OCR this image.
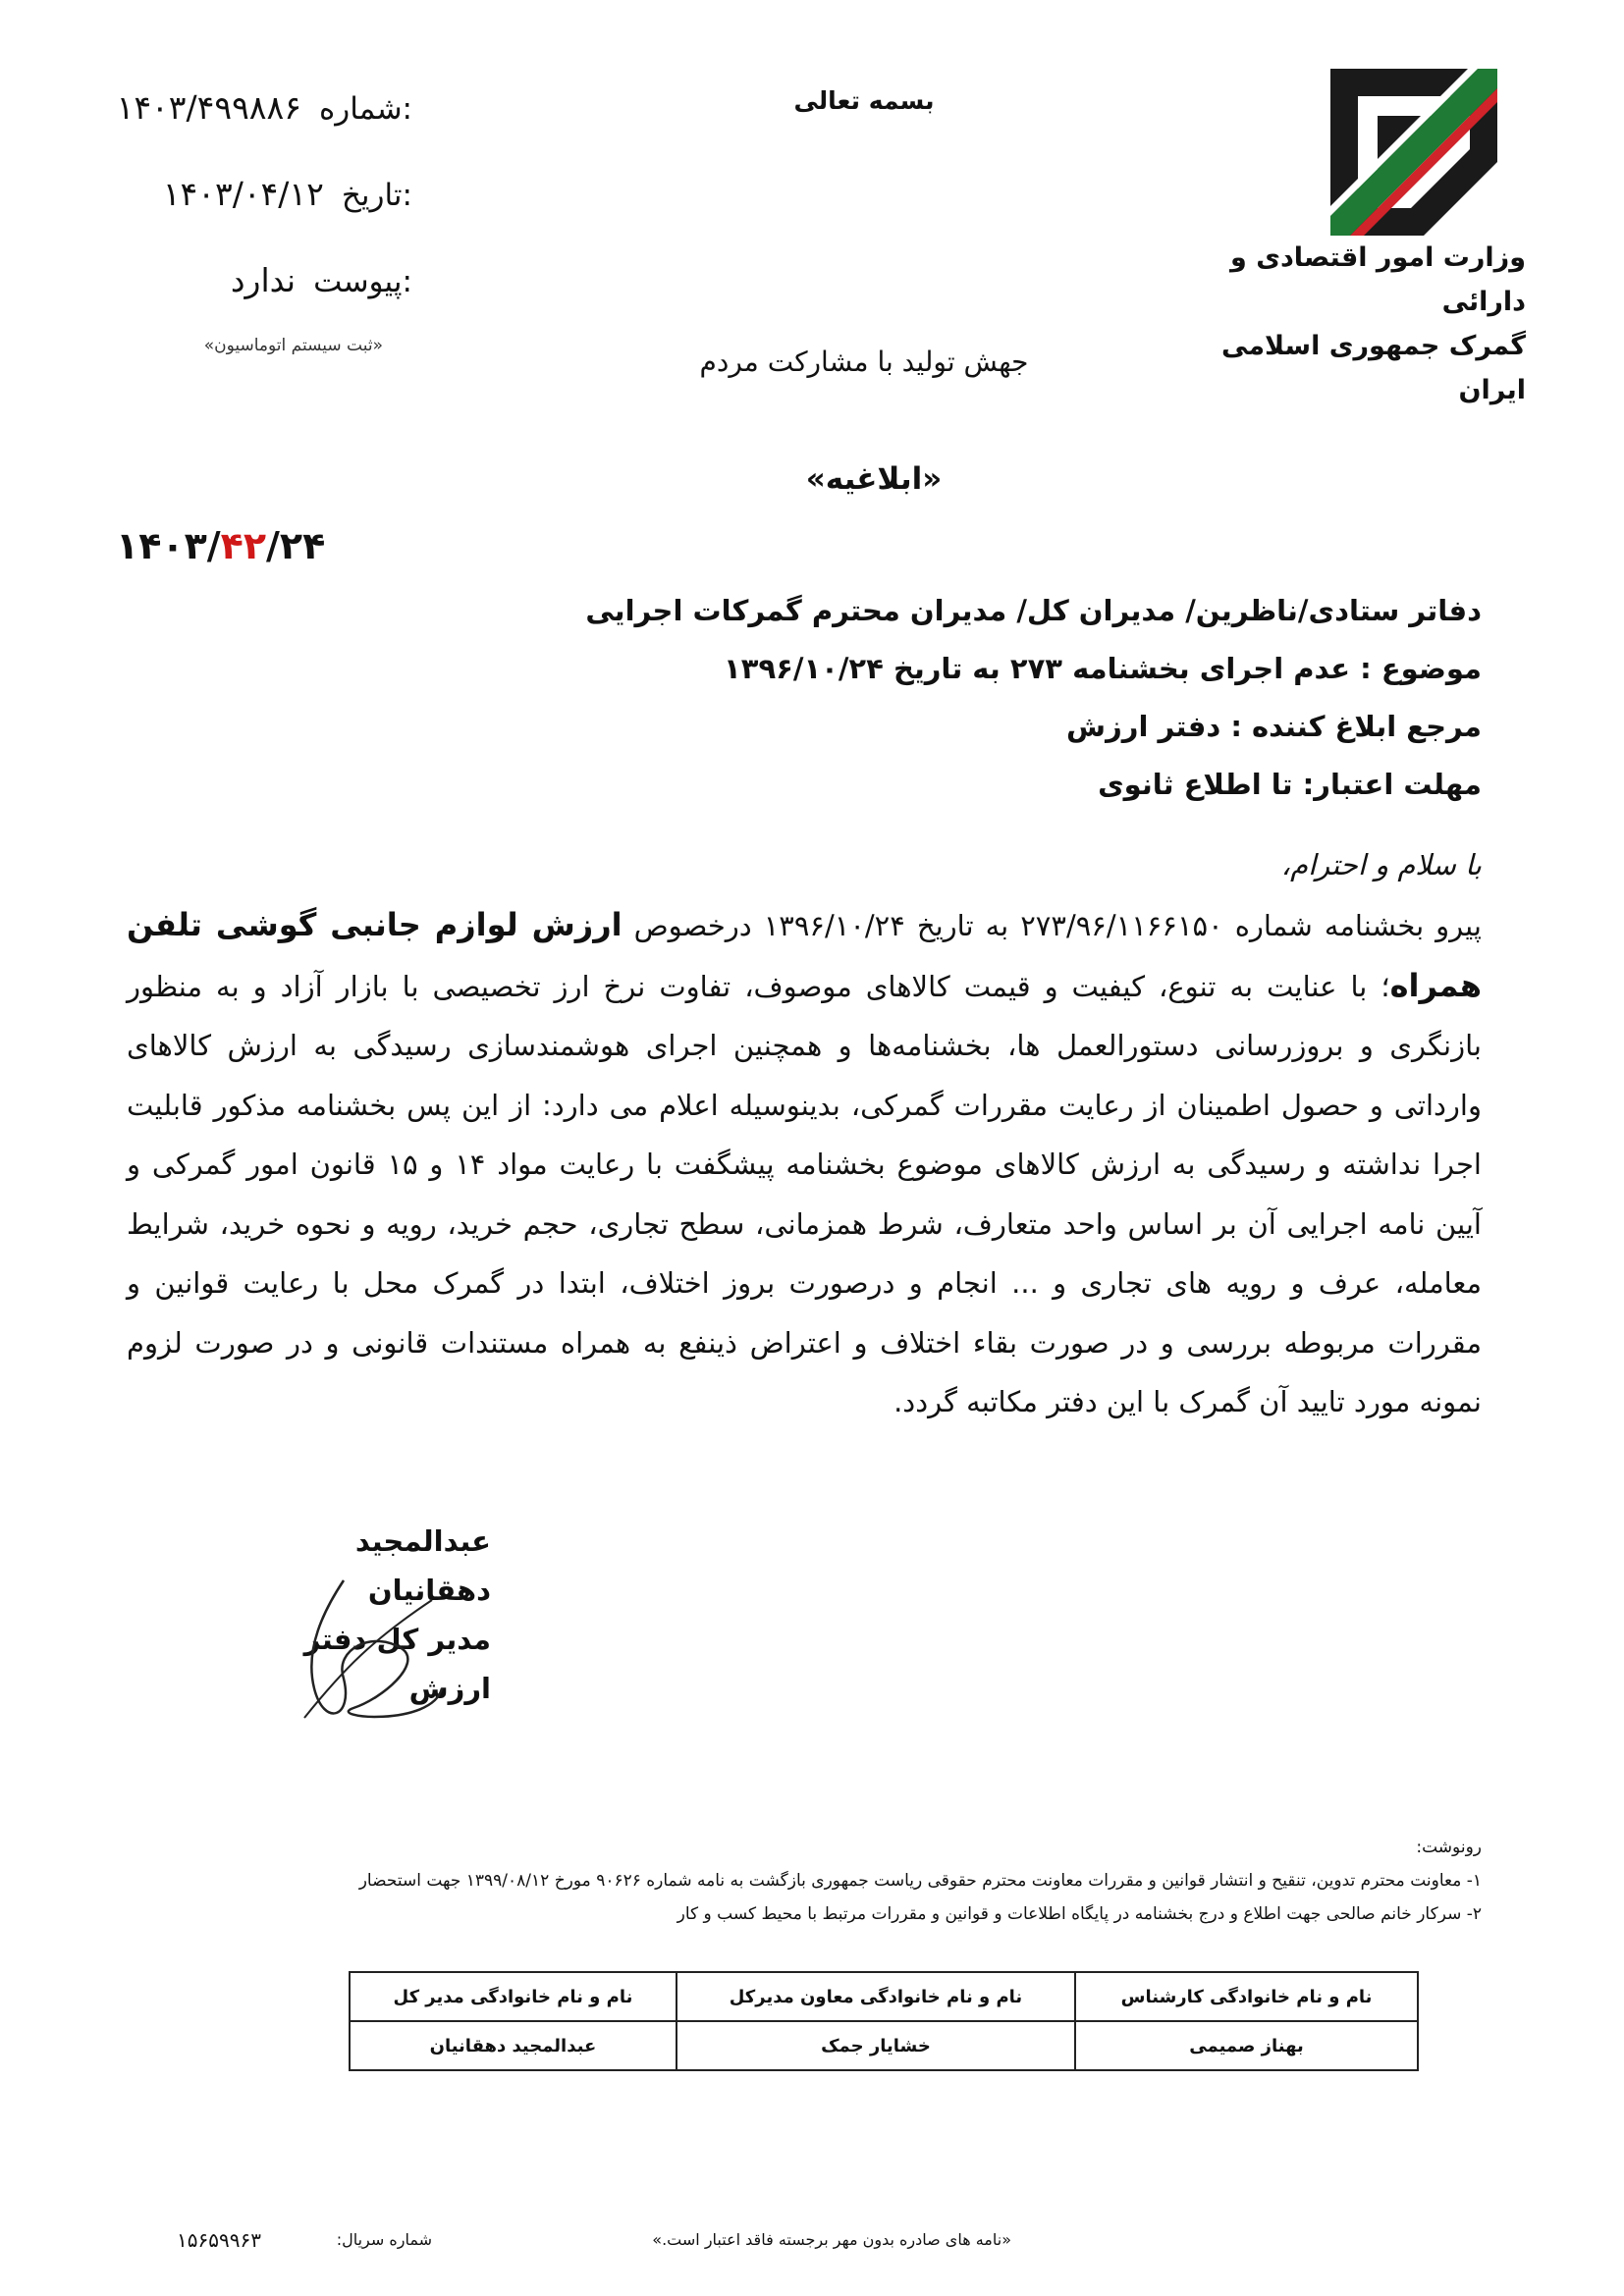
وزارت امور اقتصادی و دارائی
گمرک جمهوری اسلامی ایران
بسمه تعالی
۱۴۰۳/۴۹۹۸۸۶ شماره:
۱۴۰۳/۰۴/۱۲ تاریخ:
ندارد پیوست:
«ثبت سیستم اتوماسیون»	جهش تولید با مشارکت مردم
«ابلاغیه»
۱۴۰۳/۴۲/۲۴
دفاتر ستادی/ناظرین/ مدیران کل/ مدیران محترم گمرکات اجرایی
موضوع : عدم اجرای بخشنامه ۲۷۳ به تاریخ ۱۳۹۶/۱۰/۲۴
مرجع ابلاغ کننده : دفتر ارزش
مهلت اعتبار: تا اطلاع ثانوی
با سلام و احترام،
پیرو بخشنامه شماره ۲۷۳/۹۶/۱۱۶۶۱۵۰ به تاریخ ۱۳۹۶/۱۰/۲۴ درخصوص ارزش لوازم جانبی گوشی تلفن همراه؛ با عنایت به تنوع، کیفیت و قیمت کالاهای موصوف، تفاوت نرخ ارز تخصیصی با بازار آزاد و به منظور بازنگری و بروزرسانی دستورالعمل ها، بخشنامه‌ها و همچنین اجرای هوشمندسازی رسیدگی به ارزش کالاهای وارداتی و حصول اطمینان از رعایت مقررات گمرکی، بدینوسیله اعلام می دارد: از این پس بخشنامه مذکور قابلیت اجرا نداشته و رسیدگی به ارزش کالاهای موضوع بخشنامه پیشگفت با رعایت مواد ۱۴ و ۱۵ قانون امور گمرکی و آیین نامه اجرایی آن بر اساس واحد متعارف، شرط همزمانی، سطح تجاری، حجم خرید، رویه و نحوه خرید، شرایط معامله، عرف و رویه های تجاری و ... انجام و درصورت بروز اختلاف، ابتدا در گمرک محل با رعایت قوانین و مقررات مربوطه بررسی و در صورت بقاء اختلاف و اعتراض ذینفع به همراه مستندات قانونی و در صورت لزوم نمونه مورد تایید آن گمرک با این دفتر مکاتبه گردد.
عبدالمجید دهقانیان
مدیر کل دفتر ارزش
رونوشت:
۱- معاونت محترم تدوین، تنقیح و انتشار قوانین و مقررات معاونت محترم حقوقی ریاست جمهوری بازگشت به نامه شماره ۹۰۶۲۶ مورخ ۱۳۹۹/۰۸/۱۲ جهت استحضار
۲- سرکار خانم صالحی جهت اطلاع و درج بخشنامه در پایگاه اطلاعات و قوانین و مقررات مرتبط با محیط کسب و کار
نام و نام خانوادگی مدیر کل	نام و نام خانوادگی معاون مدیرکل	نام و نام خانوادگی کارشناس
عبدالمجید دهقانیان	خشایار جمک	بهناز صمیمی
«نامه های صادره بدون مهر برجسته فاقد اعتبار است.»
شماره سریال:
۱۵۶۵۹۹۶۳
